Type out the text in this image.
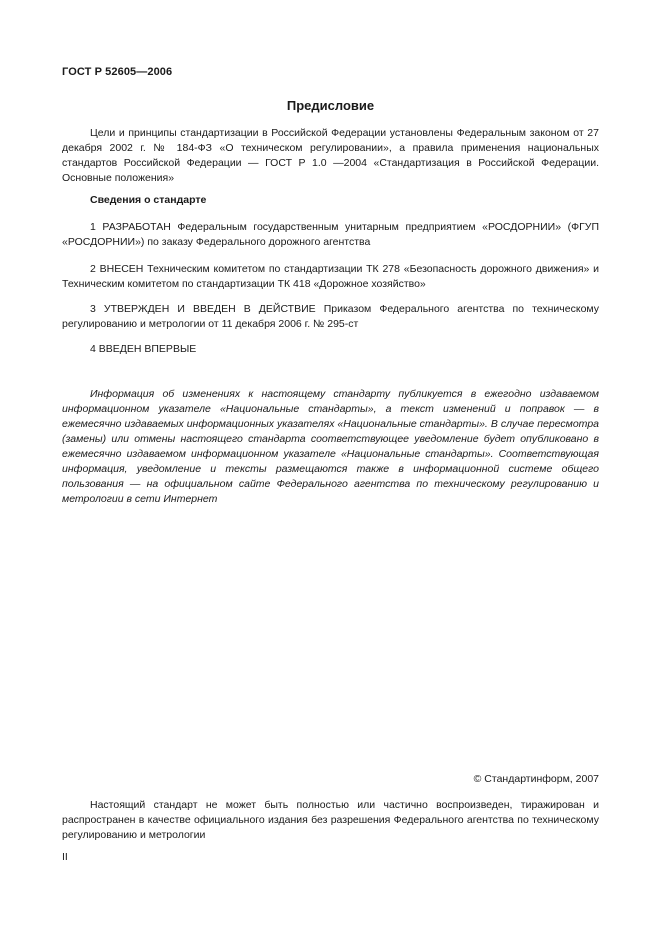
ГОСТ Р 52605—2006
Предисловие

Цели и принципы стандартизации в Российской Федерации установлены Федеральным законом от 27 декабря 2002 г. № 184-ФЗ «О техническом регулировании», а правила применения национальных стандартов Российской Федерации — ГОСТ Р 1.0 —2004 «Стандартизация в Российской Федерации. Основные положения»

Сведения о стандарте

1 РАЗРАБОТАН Федеральным государственным унитарным предприятием «РОСДОРНИИ» (ФГУП «РОСДОРНИИ») по заказу Федерального дорожного агентства

2 ВНЕСЕН Техническим комитетом по стандартизации ТК 278 «Безопасность дорожного движения» и Техническим комитетом по стандартизации ТК 418 «Дорожное хозяйство»

3 УТВЕРЖДЕН И ВВЕДЕН В ДЕЙСТВИЕ Приказом Федерального агентства по техническому регулированию и метрологии от 11 декабря 2006 г. № 295-ст

4 ВВЕДЕН ВПЕРВЫЕ

Информация об изменениях к настоящему стандарту публикуется в ежегодно издаваемом информационном указателе «Национальные стандарты», а текст изменений и поправок — в ежемесячно издаваемых информационных указателях «Национальные стандарты». В случае пересмотра (замены) или отмены настоящего стандарта соответствующее уведомление будет опубликовано в ежемесячно издаваемом информационном указателе «Национальные стандарты». Соответствующая информация, уведомление и тексты размещаются также в информационной системе общего пользования — на официальном сайте Федерального агентства по техническому регулированию и метрологии в сети Интернет

© Стандартинформ, 2007

Настоящий стандарт не может быть полностью или частично воспроизведен, тиражирован и распространен в качестве официального издания без разрешения Федерального агентства по техническому регулированию и метрологии

II
